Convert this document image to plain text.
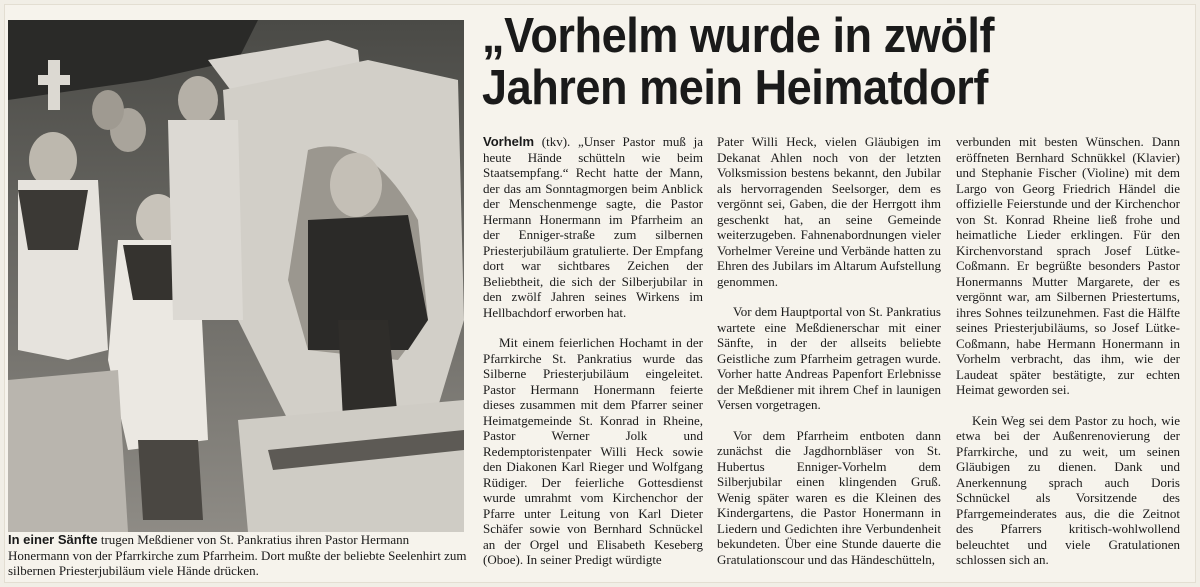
In einer Sänfte trugen Meßdiener von St. Pankratius ihren Pastor Hermann Honermann von der Pfarrkirche zum Pfarrheim. Dort mußte der beliebte Seelenhirt zum silbernen Priesterjubiläum viele Hände drücken.
„Vorhelm wurde in zwölf
Jahren mein Heimatdorf

Vorhelm (tkv). „Unser Pastor muß ja heute Hände schütteln wie beim Staatsempfang.“ Recht hatte der Mann, der das am Sonntagmorgen beim Anblick der Menschenmenge sagte, die Pastor Hermann Honermann im Pfarrheim an der Enniger-straße zum silbernen Priesterjubiläum gratulierte. Der Empfang dort war sichtbares Zeichen der Beliebtheit, die sich der Silberjubilar in den zwölf Jahren seines Wirkens im Hellbachdorf erworben hat.

Mit einem feierlichen Hochamt in der Pfarrkirche St. Pankratius wurde das Silberne Priesterjubiläum eingeleitet. Pastor Hermann Honermann feierte dieses zusammen mit dem Pfarrer seiner Heimatgemeinde St. Konrad in Rheine, Pastor Werner Jolk und Redemptoristenpater Willi Heck sowie den Diakonen Karl Rieger und Wolfgang Rüdiger. Der feierliche Gottesdienst wurde umrahmt vom Kirchenchor der Pfarre unter Leitung von Karl Dieter Schäfer sowie von Bernhard Schnückel an der Orgel und Elisabeth Keseberg (Oboe). In seiner Predigt würdigte

Pater Willi Heck, vielen Gläubigen im Dekanat Ahlen noch von der letzten Volksmission bestens bekannt, den Jubilar als hervorragenden Seelsorger, dem es vergönnt sei, Gaben, die der Herrgott ihm geschenkt hat, an seine Gemeinde weiterzugeben. Fahnenabordnungen vieler Vorhelmer Vereine und Verbände hatten zu Ehren des Jubilars im Altarum Aufstellung genommen.

Vor dem Hauptportal von St. Pankratius wartete eine Meßdienerschar mit einer Sänfte, in der der allseits beliebte Geistliche zum Pfarrheim getragen wurde. Vorher hatte Andreas Papenfort Erlebnisse der Meßdiener mit ihrem Chef in launigen Versen vorgetragen.

Vor dem Pfarrheim entboten dann zunächst die Jagdhornbläser von St. Hubertus Enniger-Vorhelm dem Silberjubilar einen klingenden Gruß. Wenig später waren es die Kleinen des Kindergartens, die Pastor Honermann in Liedern und Gedichten ihre Verbundenheit bekundeten. Über eine Stunde dauerte die Gratulationscour und das Händeschütteln,

verbunden mit besten Wünschen. Dann eröffneten Bernhard Schnükkel (Klavier) und Stephanie Fischer (Violine) mit dem Largo von Georg Friedrich Händel die offizielle Feierstunde und der Kirchenchor von St. Konrad Rheine ließ frohe und heimatliche Lieder erklingen. Für den Kirchenvorstand sprach Josef Lütke-Coßmann. Er begrüßte besonders Pastor Honermanns Mutter Margarete, der es vergönnt war, am Silbernen Priestertums, ihres Sohnes teilzunehmen. Fast die Hälfte seines Priesterjubiläums, so Josef Lütke-Coßmann, habe Hermann Honermann in Vorhelm verbracht, das ihm, wie der Laudeat später bestätigte, zur echten Heimat geworden sei.

Kein Weg sei dem Pastor zu hoch, wie etwa bei der Außenrenovierung der Pfarrkirche, und zu weit, um seinen Gläubigen zu dienen. Dank und Anerkennung sprach auch Doris Schnückel als Vorsitzende des Pfarrgemeinderates aus, die die Zeitnot des Pfarrers kritisch-wohlwollend beleuchtet und viele Gratulationen schlossen sich an.
